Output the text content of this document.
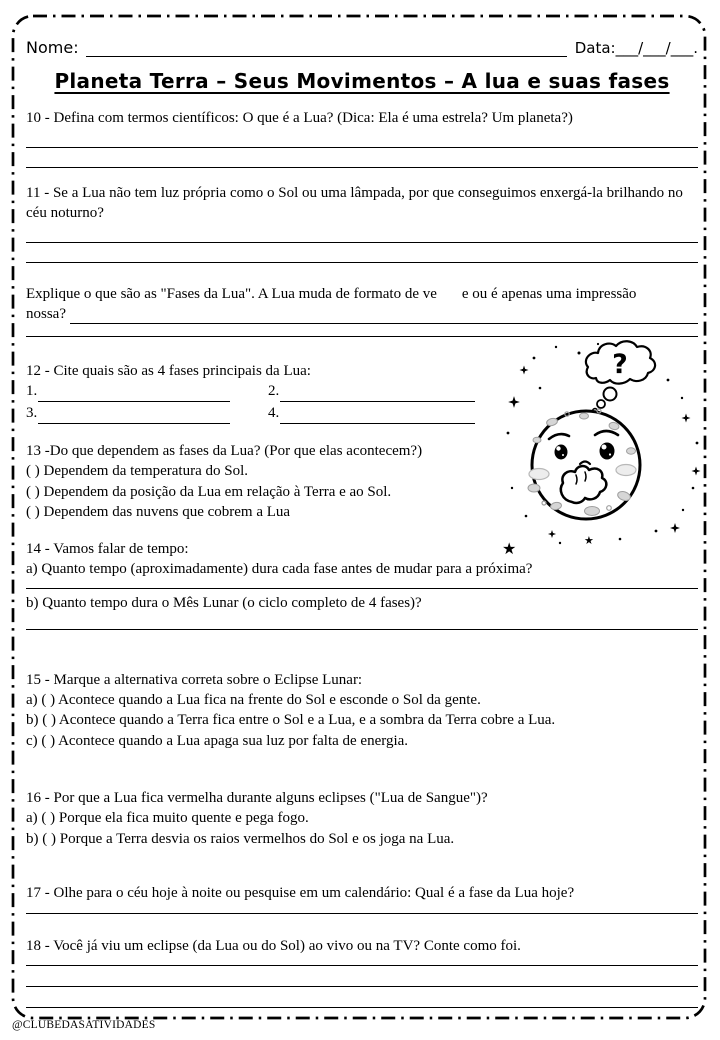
Nome:	Data:___/___/___.
Planeta Terra – Seus Movimentos – A lua e suas fases
10 - Defina com termos científicos: O que é a Lua? (Dica: Ela é uma estrela? Um planeta?)
11 - Se a Lua não tem luz própria como o Sol ou uma lâmpada, por que conseguimos enxergá-la brilhando no céu noturno?
Explique o que são as "Fases da Lua". A Lua muda de formato de ve e ou é apenas uma impressão
nossa?
12 - Cite quais são as 4 fases principais da Lua:
1.	2.
3.	4.
13 -Do que dependem as fases da Lua? (Por que elas acontecem?)
( ) Dependem da temperatura do Sol.
( ) Dependem da posição da Lua em relação à Terra e ao Sol.
( ) Dependem das nuvens que cobrem a Lua
14 - Vamos falar de tempo:
a) Quanto tempo (aproximadamente) dura cada fase antes de mudar para a próxima?
b) Quanto tempo dura o Mês Lunar (o ciclo completo de 4 fases)?
15 - Marque a alternativa correta sobre o Eclipse Lunar:
a) ( ) Acontece quando a Lua fica na frente do Sol e esconde o Sol da gente.
b) ( ) Acontece quando a Terra fica entre o Sol e a Lua, e a sombra da Terra cobre a Lua.
c) ( ) Acontece quando a Lua apaga sua luz por falta de energia.
16 - Por que a Lua fica vermelha durante alguns eclipses ("Lua de Sangue")?
a) ( ) Porque ela fica muito quente e pega fogo.
b) ( ) Porque a Terra desvia os raios vermelhos do Sol e os joga na Lua.
17 - Olhe para o céu hoje à noite ou pesquise em um calendário: Qual é a fase da Lua hoje?
18 - Você já viu um eclipse (da Lua ou do Sol) ao vivo ou na TV? Conte como foi.
★	★
?
@CLUBEDASATIVIDADES
